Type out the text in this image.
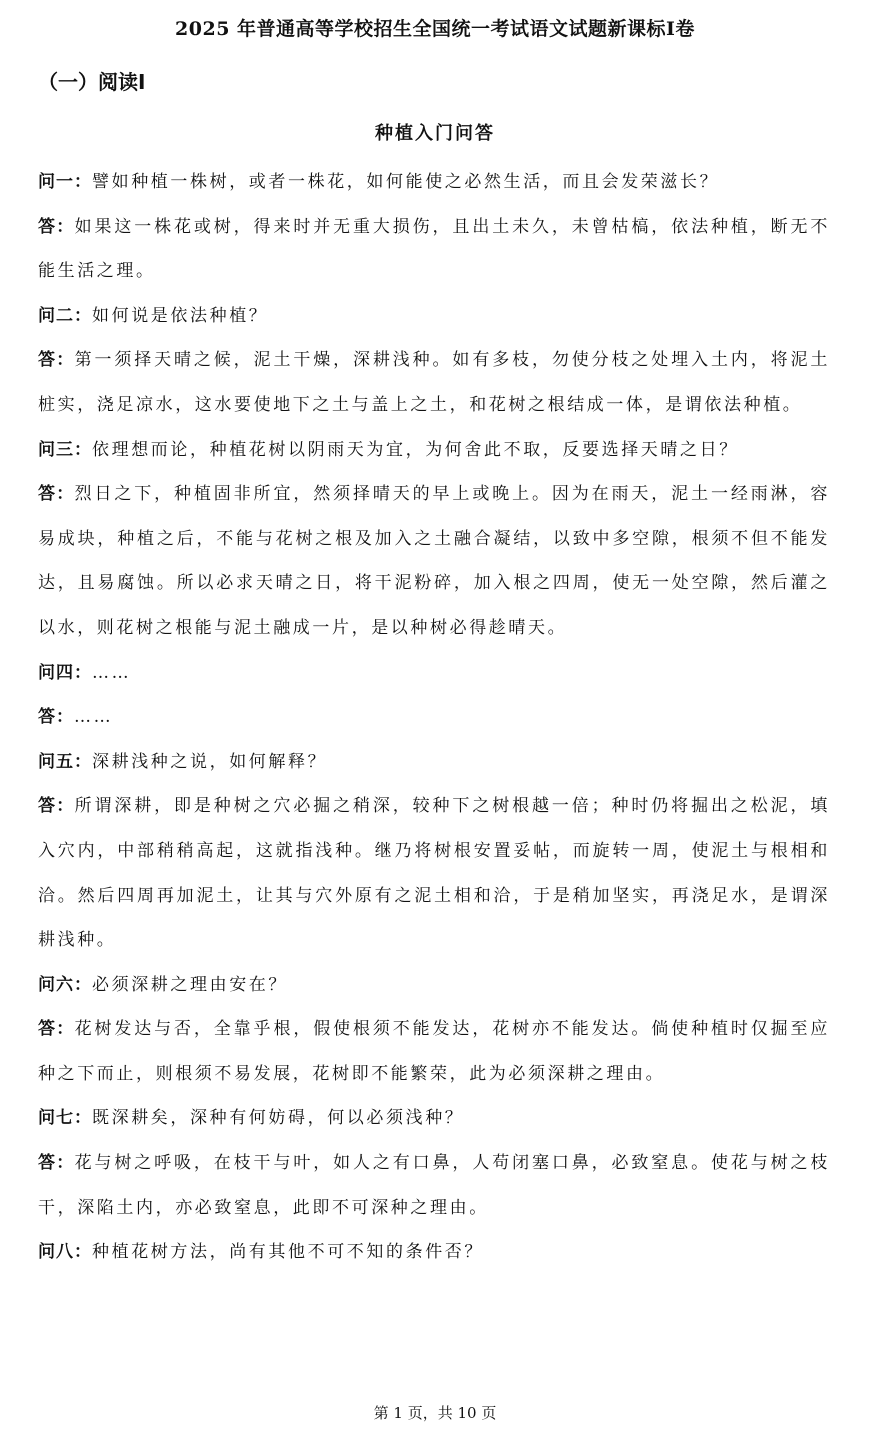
2025 年普通高等学校招生全国统一考试语文试题新课标I卷
（一）阅读I
种植入门问答

问一：譬如种植一株树，或者一株花，如何能使之必然生活，而且会发荣滋长？

答：如果这一株花或树，得来时并无重大损伤，且出土未久，未曾枯槁，依法种植，断无不能生活之理。

问二：如何说是依法种植？

答：第一须择天晴之候，泥土干燥，深耕浅种。如有多枝，勿使分枝之处埋入土内，将泥土桩实，浇足凉水，这水要使地下之土与盖上之土，和花树之根结成一体，是谓依法种植。

问三：依理想而论，种植花树以阴雨天为宜，为何舍此不取，反要选择天晴之日？

答：烈日之下，种植固非所宜，然须择晴天的早上或晚上。因为在雨天，泥土一经雨淋，容易成块，种植之后，不能与花树之根及加入之土融合凝结，以致中多空隙，根须不但不能发达，且易腐蚀。所以必求天晴之日，将干泥粉碎，加入根之四周，使无一处空隙，然后灌之以水，则花树之根能与泥土融成一片，是以种树必得趁晴天。

问四：……

答：……

问五：深耕浅种之说，如何解释？

答：所谓深耕，即是种树之穴必掘之稍深，较种下之树根越一倍；种时仍将掘出之松泥，填入穴内，中部稍稍高起，这就指浅种。继乃将树根安置妥帖，而旋转一周，使泥土与根相和洽。然后四周再加泥土，让其与穴外原有之泥土相和洽，于是稍加坚实，再浇足水，是谓深耕浅种。

问六：必须深耕之理由安在？

答：花树发达与否，全靠乎根，假使根须不能发达，花树亦不能发达。倘使种植时仅掘至应种之下而止，则根须不易发展，花树即不能繁荣，此为必须深耕之理由。

问七：既深耕矣，深种有何妨碍，何以必须浅种？

答：花与树之呼吸，在枝干与叶，如人之有口鼻，人苟闭塞口鼻，必致窒息。使花与树之枝干，深陷土内，亦必致窒息，此即不可深种之理由。

问八：种植花树方法，尚有其他不可不知的条件否？

第 1 页，共 10 页
